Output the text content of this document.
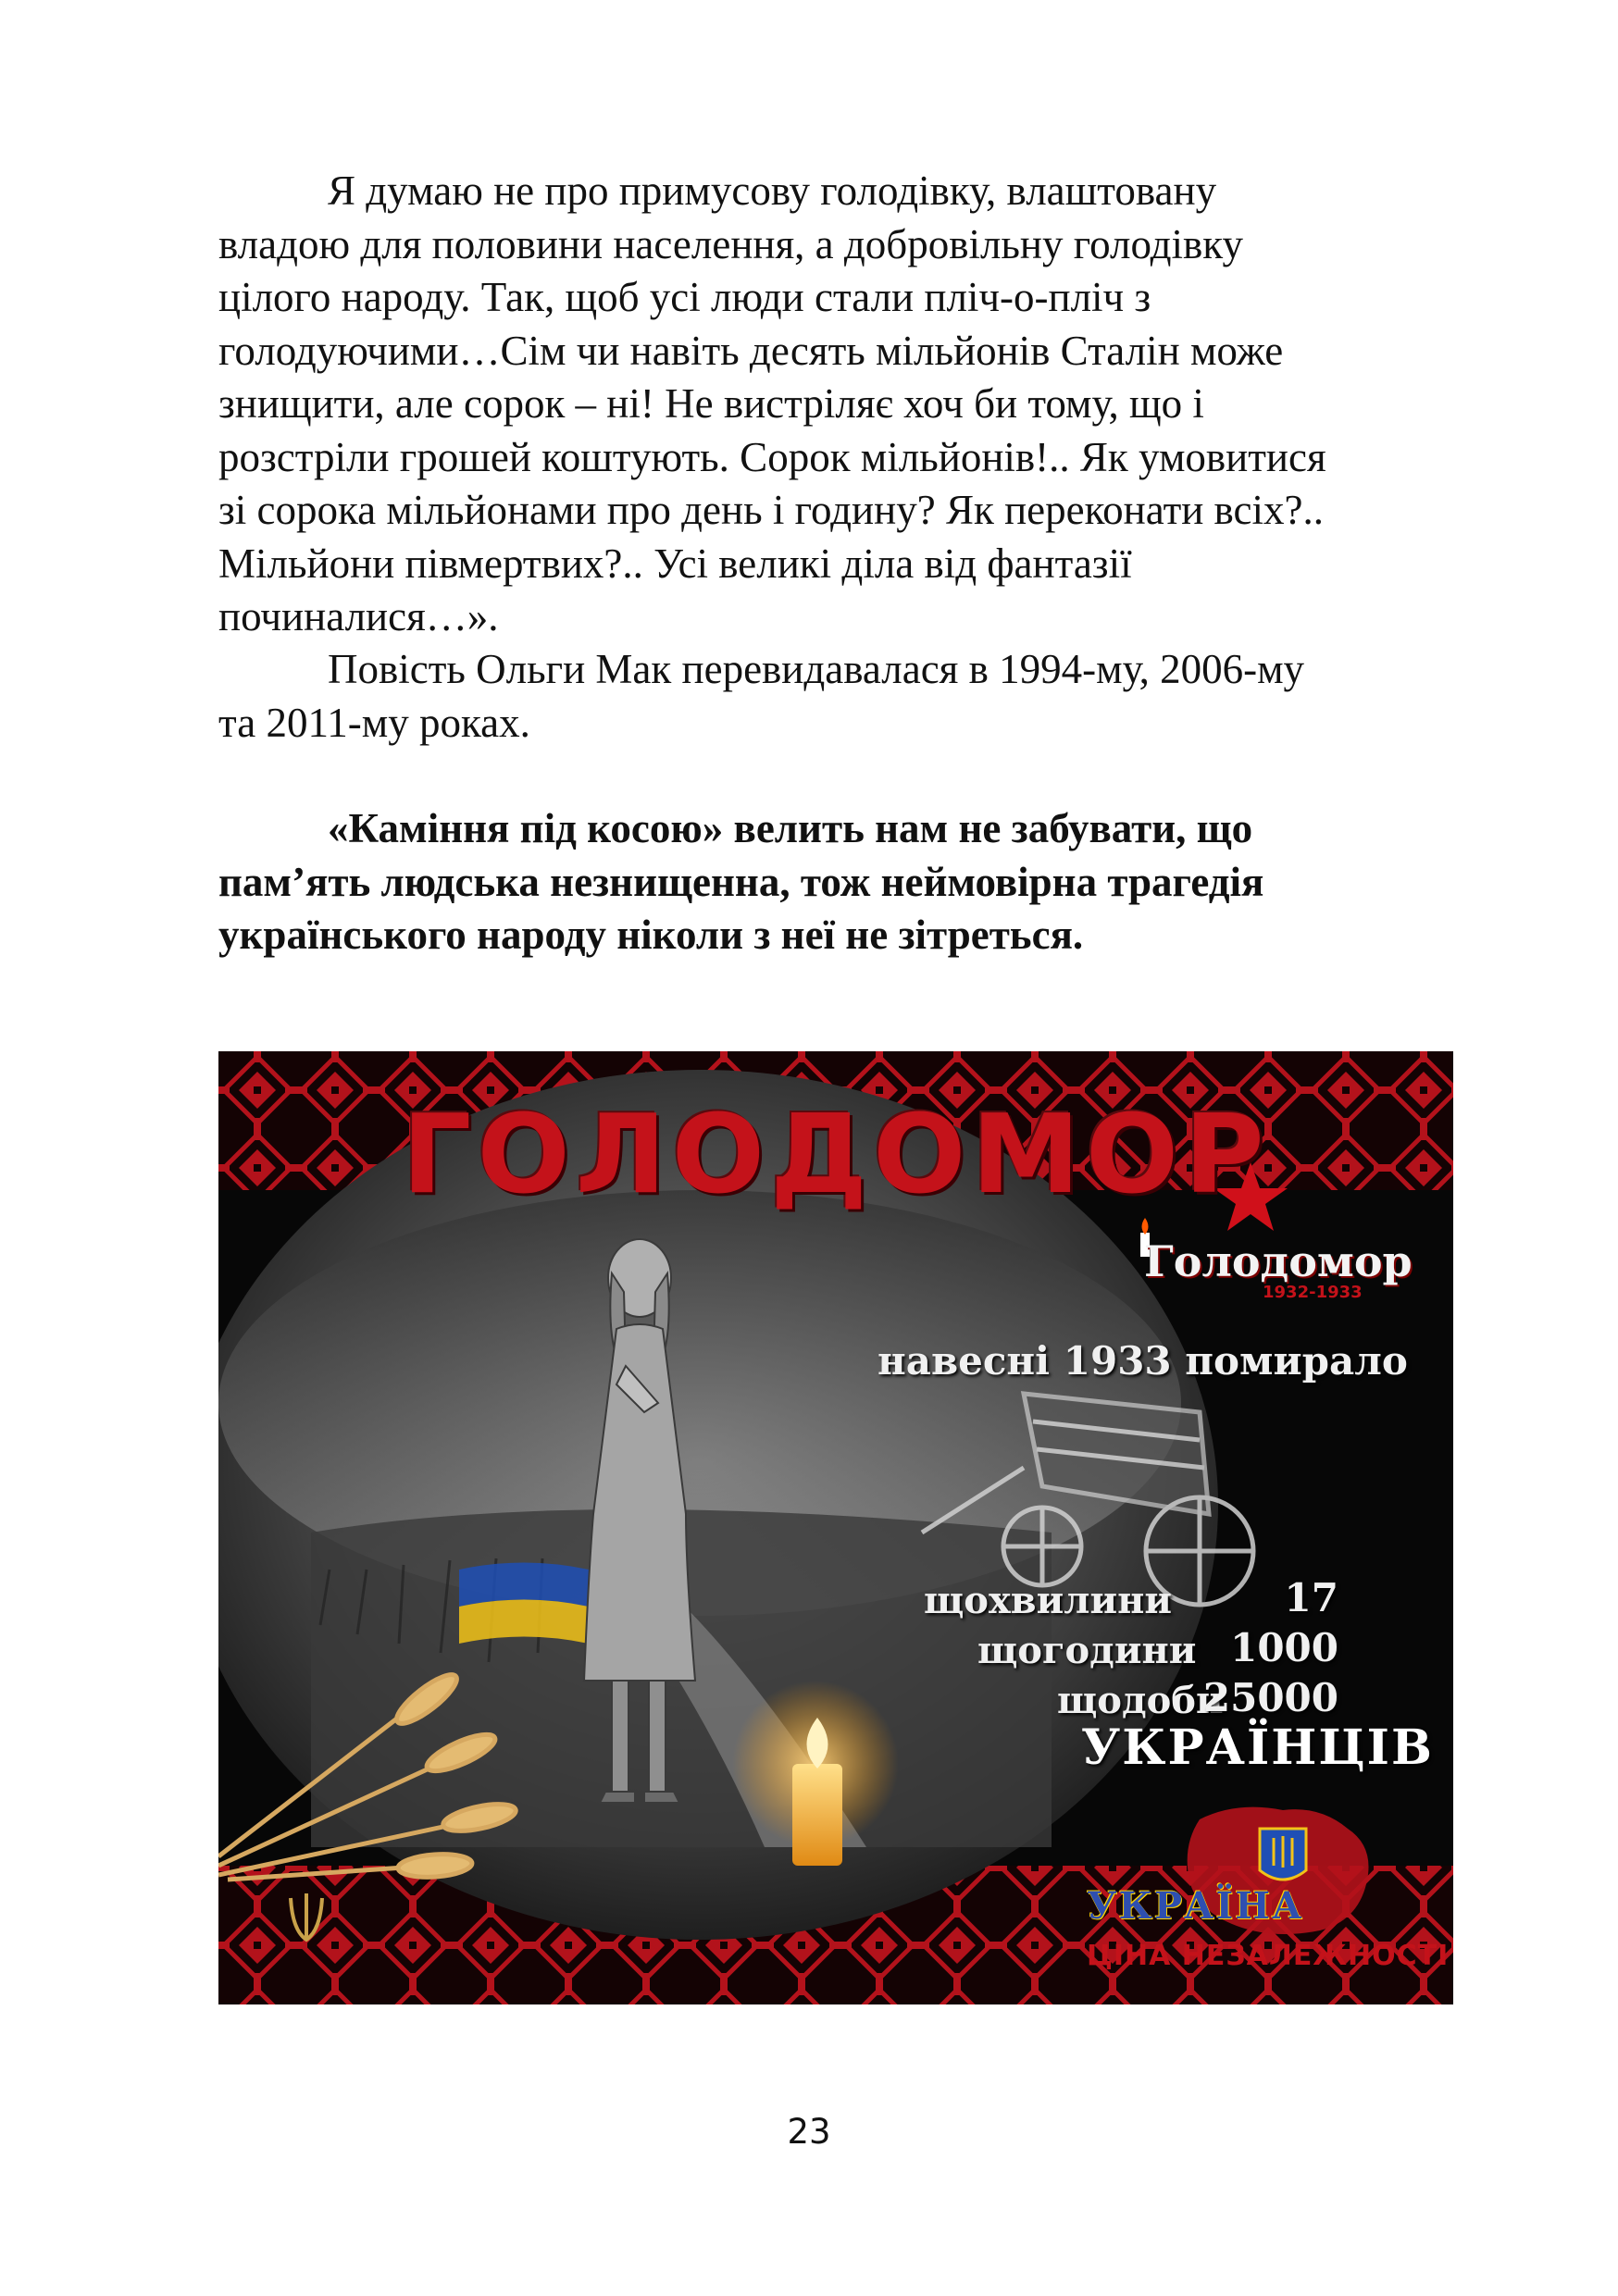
Я думаю не про примусову голодівку, влаштовану

владою для половини населення, а добровільну голодівку

цілого народу. Так, щоб усі люди стали пліч-о-пліч з

голодуючими…Сім чи навіть десять мільйонів Сталін може

знищити, але сорок – ні! Не вистріляє хоч би тому, що і

розстріли грошей коштують. Сорок мільйонів!.. Як умовитися

зі сорока мільйонами про день і годину? Як переконати всіх?..

Мільйони півмертвих?.. Усі великі діла від фантазії

починалися…».

Повість Ольги Мак перевидавалася в 1994-му, 2006-му

та 2011-му роках.

«Каміння під косою» велить нам не забувати, що

пам’ять людська незнищенна, тож неймовірна трагедія

українського народу ніколи з неї не зітреться.

ГОЛОДОМОР
Голодомор
1932-1933
навесні 1933 помирало
щохвилини	17
щогодини 1000
щодоби
25000
УКРАЇНЦІВ
УКРАЇНА
ЦІНА НЕЗАЛЕЖНОСТІ
23
